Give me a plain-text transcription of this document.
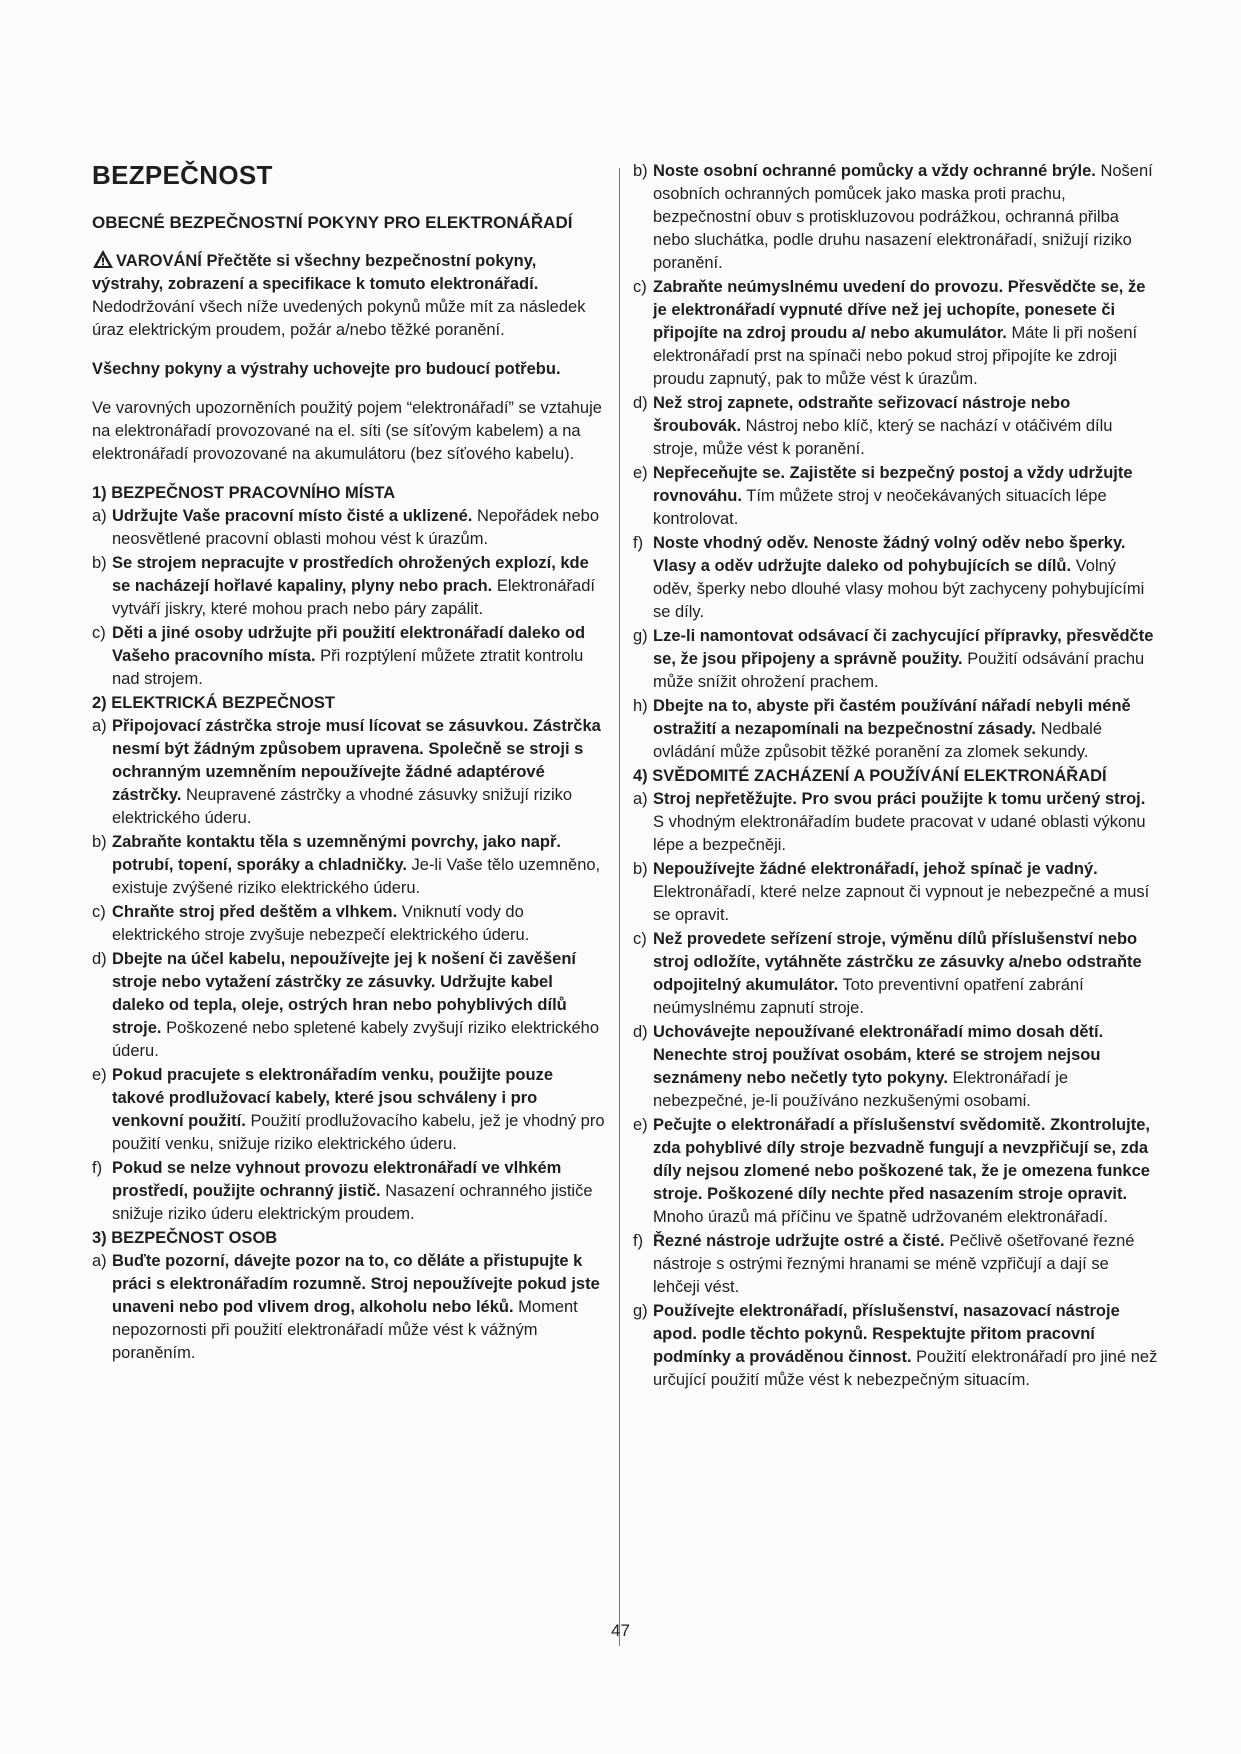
BEZPEČNOST
OBECNÉ BEZPEČNOSTNÍ POKYNY PRO ELEKTRONÁŘADÍ

VAROVÁNÍ Přečtěte si všechny bezpečnostní pokyny, výstrahy, zobrazení a specifikace k tomuto elektronářadí. Nedodržování všech níže uvedených pokynů může mít za následek úraz elektrickým proudem, požár a/nebo těžké poranění.

Všechny pokyny a výstrahy uchovejte pro budoucí potřebu.

Ve varovných upozorněních použitý pojem “elektronářadí” se vztahuje na elektronářadí provozované na el. síti (se síťovým kabelem) a na elektronářadí provozované na akumulátoru (bez síťového kabelu).

1) BEZPEČNOST PRACOVNÍHO MÍSTA

a) Udržujte Vaše pracovní místo čisté a uklizené. Nepořádek nebo neosvětlené pracovní oblasti mohou vést k úrazům.
b) Se strojem nepracujte v prostředích ohrožených explozí, kde se nacházejí hořlavé kapaliny, plyny nebo prach. Elektronářadí vytváří jiskry, které mohou prach nebo páry zapálit.
c) Děti a jiné osoby udržujte při použití elektronářadí daleko od Vašeho pracovního místa. Při rozptýlení můžete ztratit kontrolu nad strojem.

2) ELEKTRICKÁ BEZPEČNOST

a) Připojovací zástrčka stroje musí lícovat se zásuvkou. Zástrčka nesmí být žádným způsobem upravena. Společně se stroji s ochranným uzemněním nepoužívejte žádné adaptérové zástrčky. Neupravené zástrčky a vhodné zásuvky snižují riziko elektrického úderu.
b) Zabraňte kontaktu těla s uzemněnými povrchy, jako např. potrubí, topení, sporáky a chladničky. Je-li Vaše tělo uzemněno, existuje zvýšené riziko elektrického úderu.
c) Chraňte stroj před deštěm a vlhkem. Vniknutí vody do elektrického stroje zvyšuje nebezpečí elektrického úderu.
d) Dbejte na účel kabelu, nepoužívejte jej k nošení či zavěšení stroje nebo vytažení zástrčky ze zásuvky. Udržujte kabel daleko od tepla, oleje, ostrých hran nebo pohyblivých dílů stroje. Poškozené nebo spletené kabely zvyšují riziko elektrického úderu.
e) Pokud pracujete s elektronářadím venku, použijte pouze takové prodlužovací kabely, které jsou schváleny i pro venkovní použití. Použití prodlužovacího kabelu, jež je vhodný pro použití venku, snižuje riziko elektrického úderu.
f) Pokud se nelze vyhnout provozu elektronářadí ve vlhkém prostředí, použijte ochranný jistič. Nasazení ochranného jističe snižuje riziko úderu elektrickým proudem.

3) BEZPEČNOST OSOB

a) Buďte pozorní, dávejte pozor na to, co děláte a přistupujte k práci s elektronářadím rozumně. Stroj nepoužívejte pokud jste unaveni nebo pod vlivem drog, alkoholu nebo léků. Moment nepozornosti při použití elektronářadí může vést k vážným poraněním.
b) Noste osobní ochranné pomůcky a vždy ochranné brýle. Nošení osobních ochranných pomůcek jako maska proti prachu, bezpečnostní obuv s protiskluzovou podrážkou, ochranná přilba nebo sluchátka, podle druhu nasazení elektronářadí, snižují riziko poranění.
c) Zabraňte neúmyslnému uvedení do provozu. Přesvědčte se, že je elektronářadí vypnuté dříve než jej uchopíte, ponesete či připojíte na zdroj proudu a/ nebo akumulátor. Máte li při nošení elektronářadí prst na spínači nebo pokud stroj připojíte ke zdroji proudu zapnutý, pak to může vést k úrazům.
d) Než stroj zapnete, odstraňte seřizovací nástroje nebo šroubovák. Nástroj nebo klíč, který se nachází v otáčivém dílu stroje, může vést k poranění.
e) Nepřeceňujte se. Zajistěte si bezpečný postoj a vždy udržujte rovnováhu. Tím můžete stroj v neočekávaných situacích lépe kontrolovat.
f) Noste vhodný oděv. Nenoste žádný volný oděv nebo šperky. Vlasy a oděv udržujte daleko od pohybujících se dílů. Volný oděv, šperky nebo dlouhé vlasy mohou být zachyceny pohybujícími se díly.
g) Lze-li namontovat odsávací či zachycující přípravky, přesvědčte se, že jsou připojeny a správně použity. Použití odsávání prachu může snížit ohrožení prachem.
h) Dbejte na to, abyste při častém používání nářadí nebyli méně ostražití a nezapomínali na bezpečnostní zásady. Nedbalé ovládání může způsobit těžké poranění za zlomek sekundy.

4) SVĚDOMITÉ ZACHÁZENÍ A POUŽÍVÁNÍ ELEKTRONÁŘADÍ

a) Stroj nepřetěžujte. Pro svou práci použijte k tomu určený stroj. S vhodným elektronářadím budete pracovat v udané oblasti výkonu lépe a bezpečněji.
b) Nepoužívejte žádné elektronářadí, jehož spínač je vadný. Elektronářadí, které nelze zapnout či vypnout je nebezpečné a musí se opravit.
c) Než provedete seřízení stroje, výměnu dílů příslušenství nebo stroj odložíte, vytáhněte zástrčku ze zásuvky a/nebo odstraňte odpojitelný akumulátor. Toto preventivní opatření zabrání neúmyslnému zapnutí stroje.
d) Uchovávejte nepoužívané elektronářadí mimo dosah dětí. Nenechte stroj používat osobám, které se strojem nejsou seznámeny nebo nečetly tyto pokyny. Elektronářadí je nebezpečné, je-li používáno nezkušenými osobami.
e) Pečujte o elektronářadí a příslušenství svědomitě. Zkontrolujte, zda pohyblivé díly stroje bezvadně fungují a nevzpřičují se, zda díly nejsou zlomené nebo poškozené tak, že je omezena funkce stroje. Poškozené díly nechte před nasazením stroje opravit. Mnoho úrazů má příčinu ve špatně udržovaném elektronářadí.
f) Řezné nástroje udržujte ostré a čisté. Pečlivě ošetřované řezné nástroje s ostrými řeznými hranami se méně vzpřičují a dají se lehčeji vést.
g) Používejte elektronářadí, příslušenství, nasazovací nástroje apod. podle těchto pokynů. Respektujte přitom pracovní podmínky a prováděnou činnost. Použití elektronářadí pro jiné než určující použití může vést k nebezpečným situacím.
47
